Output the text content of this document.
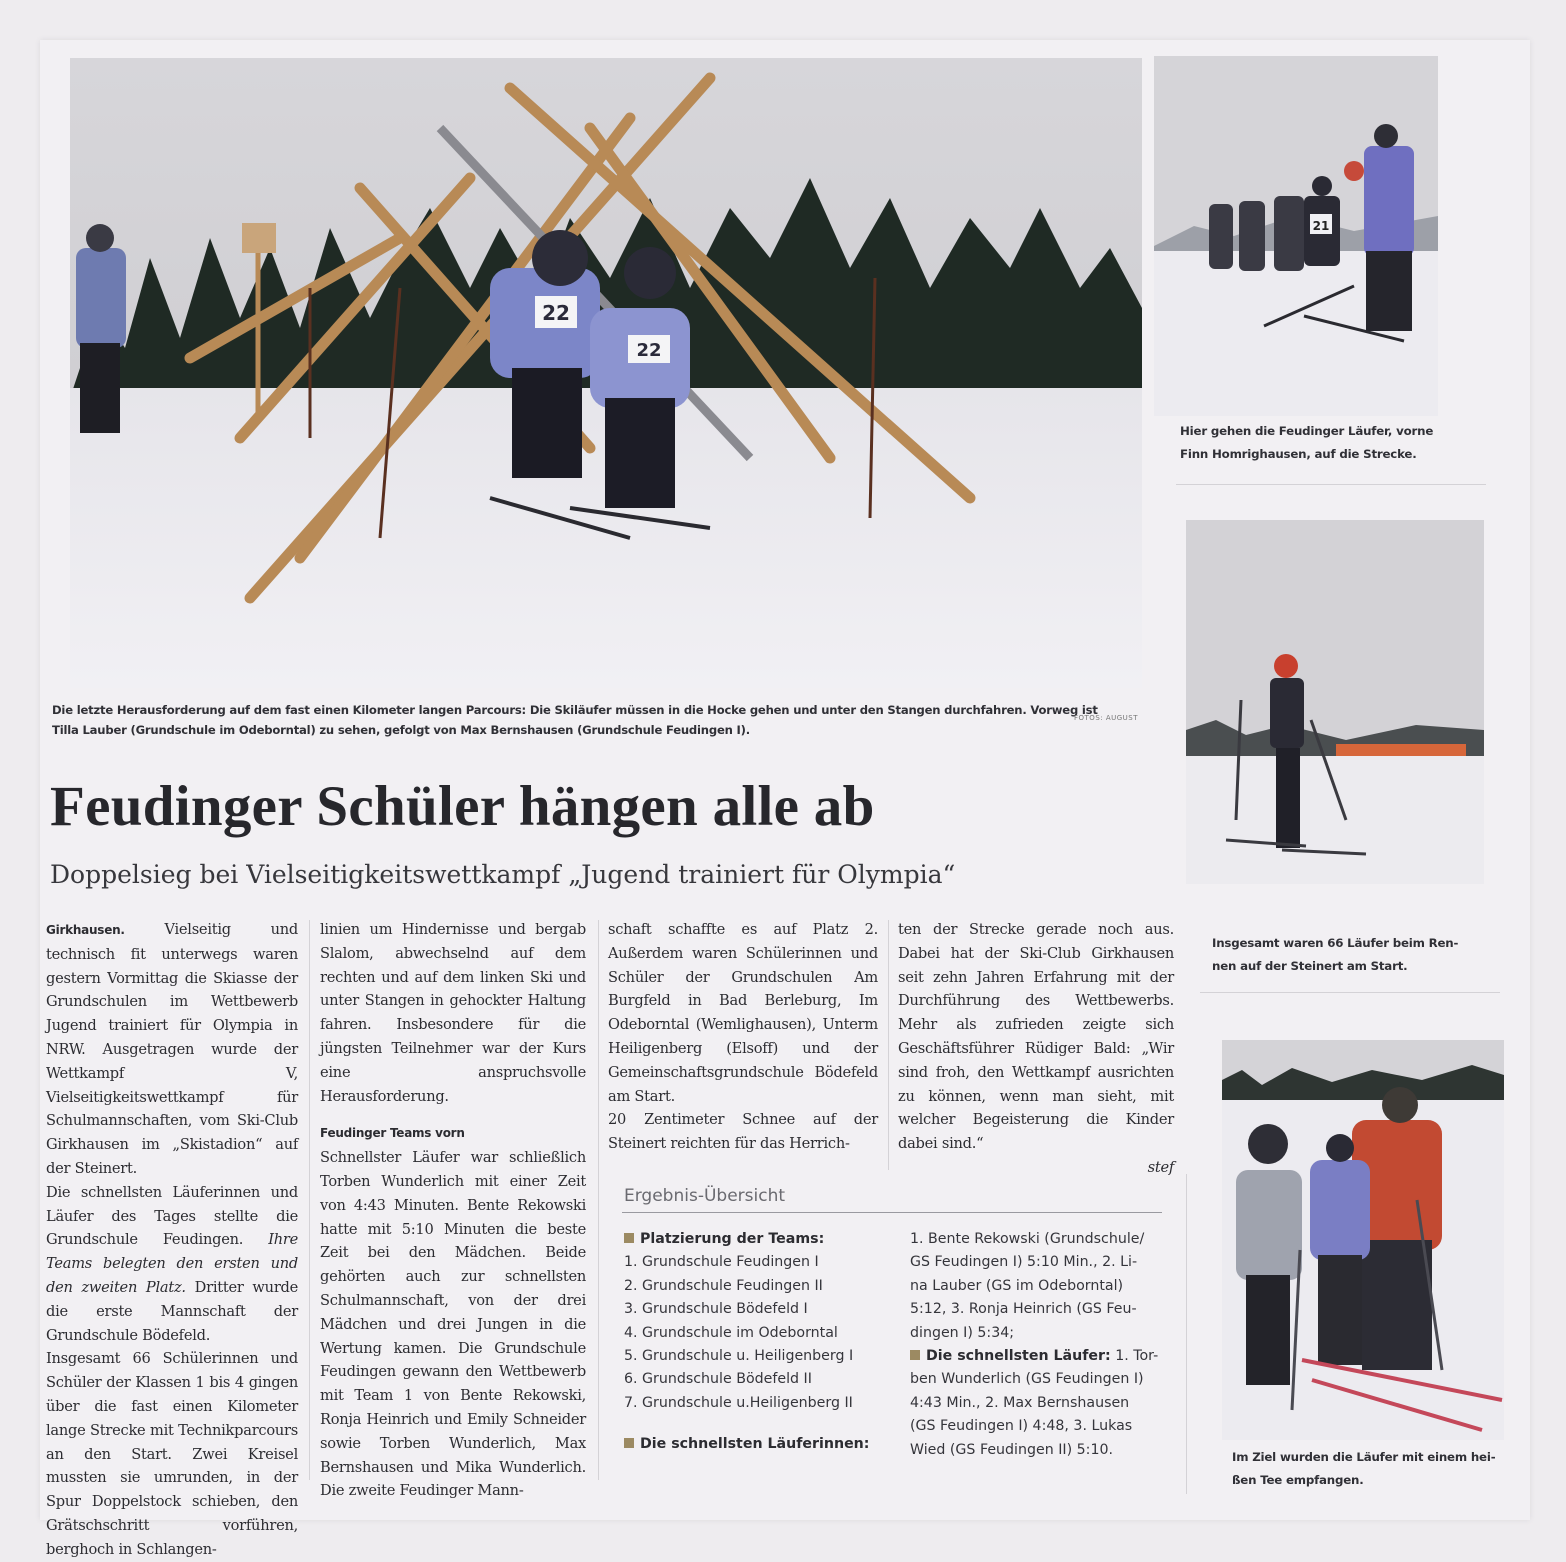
22
22
Die letzte Herausforderung auf dem fast einen Kilometer langen Parcours: Die Skiläufer müssen in die Hocke gehen und unter den Stangen durchfahren. Vorweg ist
Tilla Lauber (Grundschule im Odeborntal) zu sehen, gefolgt von Max Bernshausen (Grundschule Feudingen I).
FOTOS: AUGUST
Feudinger Schüler hängen alle ab
Doppelsieg bei Vielseitigkeitswettkampf „Jugend trainiert für Olympia“

Girkhausen.	Vielseitig und technisch fit unterwegs waren gestern Vormittag die Skiasse der Grundschulen im Wettbewerb Jugend trainiert für Olympia in NRW. Ausgetragen wurde der Wettkampf V, Vielseitigkeitswettkampf für Schulmannschaften, vom Ski-Club Girkhausen im „Skistadion“ auf der Steinert.

Die schnellsten Läuferinnen und Läufer des Tages stellte die Grundschule Feudingen. Ihre Teams belegten den ersten und den zweiten Platz. Dritter wurde die erste Mannschaft der Grundschule Bödefeld.

Insgesamt 66 Schülerinnen und Schüler der Klassen 1 bis 4 gingen über die fast einen Kilometer lange Strecke mit Technikparcours an den Start. Zwei Kreisel mussten sie umrunden, in der Spur Doppelstock schieben, den Grätschschritt vorführen, berghoch in Schlangen-

linien um Hindernisse und bergab Slalom, abwechselnd auf dem rechten und auf dem linken Ski und unter Stangen in gehockter Haltung fahren. Insbesondere für die jüngsten Teilnehmer war der Kurs eine anspruchsvolle Herausforderung.

Feudinger Teams vorn

Schnellster Läufer war schließlich Torben Wunderlich mit einer Zeit von 4:43 Minuten. Bente Rekowski hatte mit 5:10 Minuten die beste Zeit bei den Mädchen. Beide gehörten auch zur schnellsten Schulmannschaft, von der drei Mädchen und drei Jungen in die Wertung kamen. Die Grundschule Feudingen gewann den Wettbewerb mit Team 1 von Bente Rekowski, Ronja Heinrich und Emily Schneider sowie Torben Wunderlich, Max Bernshausen und Mika Wunderlich. Die zweite Feudinger Mann-

schaft schaffte es auf Platz 2. Außerdem waren Schülerinnen und Schüler der Grundschulen Am Burgfeld in Bad Berleburg, Im Odeborntal (Wemlighausen), Unterm Heiligenberg (Elsoff) und der Gemeinschaftsgrundschule Bödefeld am Start.

20 Zentimeter Schnee auf der Steinert reichten für das Herrich-

ten der Strecke gerade noch aus. Dabei hat der Ski-Club Girkhausen seit zehn Jahren Erfahrung mit der Durchführung des Wettbewerbs. Mehr als zufrieden zeigte sich Geschäftsführer Rüdiger Bald: „Wir sind froh, den Wettkampf ausrichten zu können, wenn man sieht, mit welcher Begeisterung die Kinder dabei sind.“

stef

Ergebnis-Übersicht
Platzierung der Teams:
1. Grundschule Feudingen I
2. Grundschule Feudingen II
3. Grundschule Bödefeld I
4. Grundschule im Odeborntal
5. Grundschule u. Heiligenberg I
6. Grundschule Bödefeld II
7. Grundschule u.Heiligenberg II
Die schnellsten Läuferinnen:
1. Bente Rekowski (Grundschule/
GS Feudingen I) 5:10 Min., 2. Li-
na Lauber (GS im Odeborntal)
5:12, 3. Ronja Heinrich (GS Feu-
dingen I) 5:34;
Die schnellsten Läufer: 1. Tor-
ben Wunderlich (GS Feudingen I)
4:43 Min., 2. Max Bernshausen
(GS Feudingen I) 4:48, 3. Lukas
Wied (GS Feudingen II) 5:10.
21
Hier gehen die Feudinger Läufer, vorne
Finn Homrighausen, auf die Strecke.
Insgesamt waren 66 Läufer beim Ren-
nen auf der Steinert am Start.
Im Ziel wurden die Läufer mit einem hei-
ßen Tee empfangen.
